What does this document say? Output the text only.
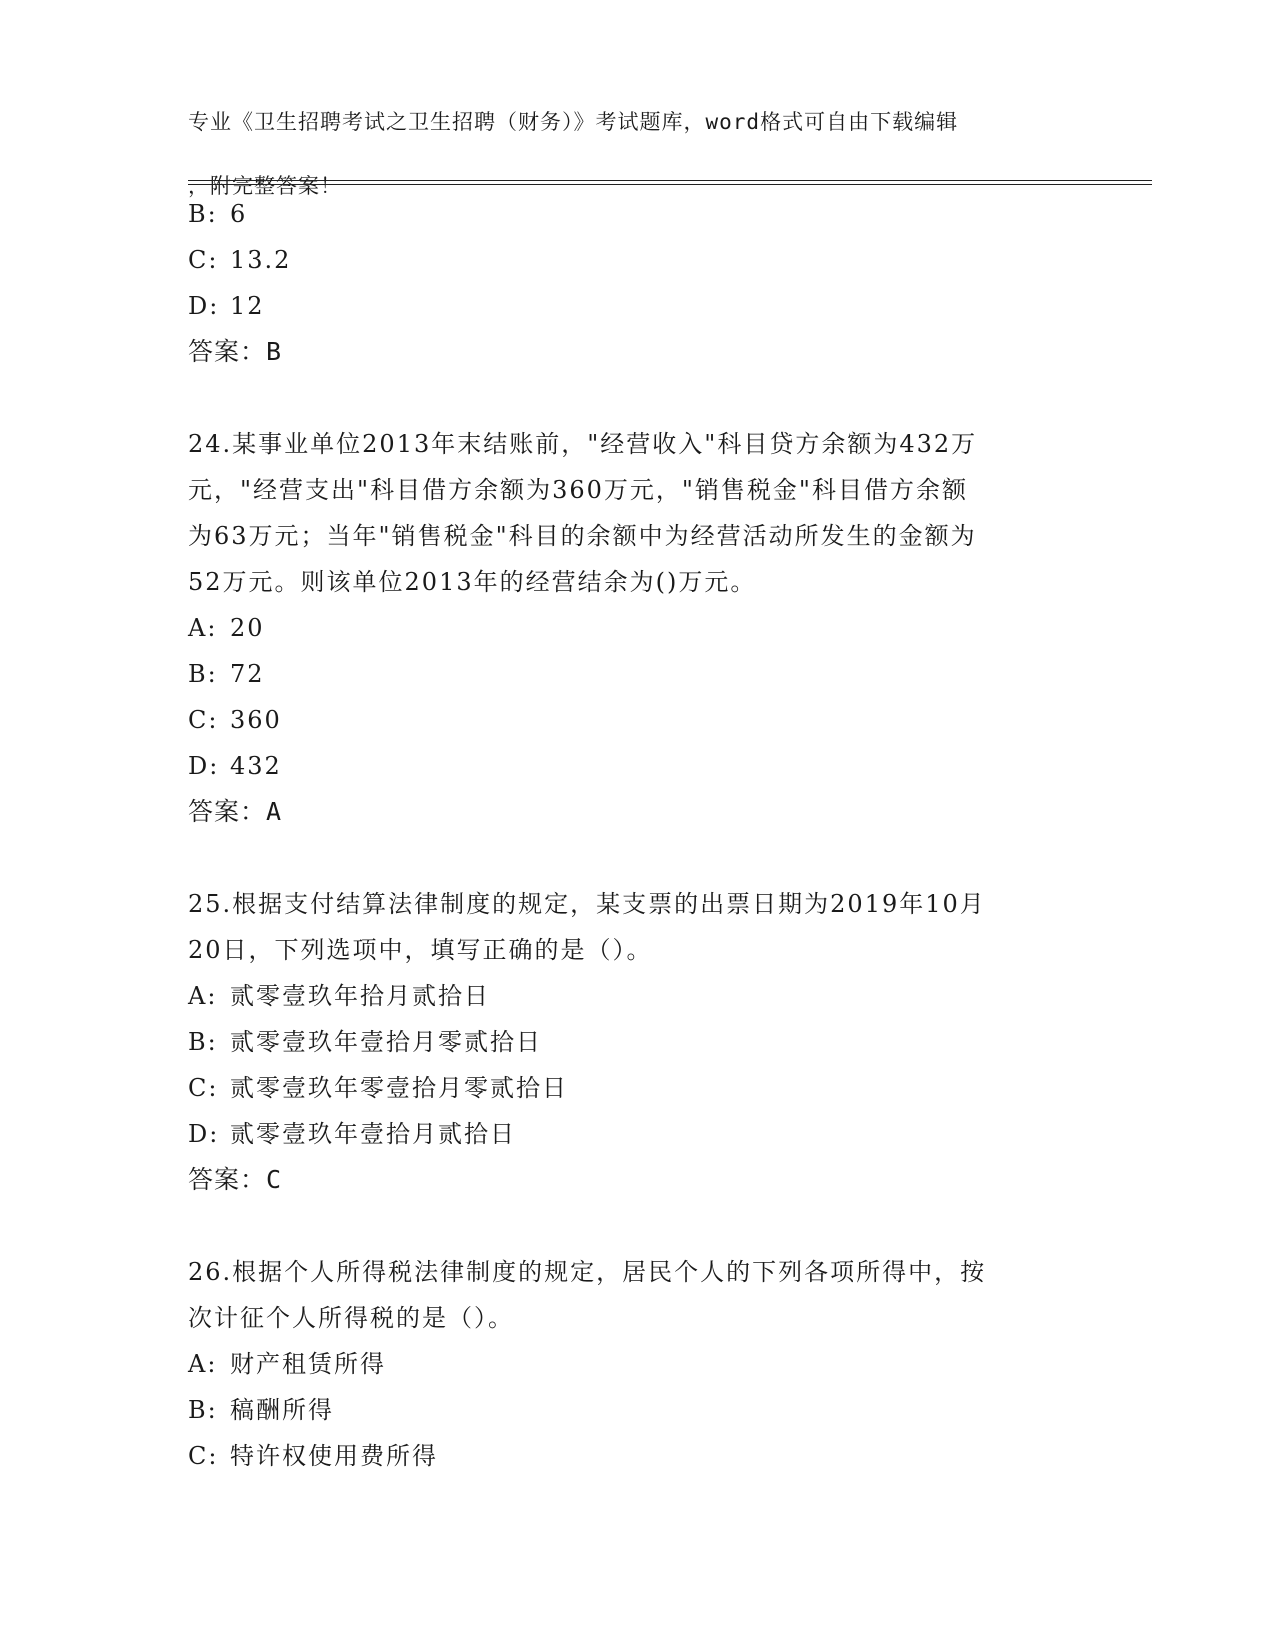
专业《卫生招聘考试之卫生招聘（财务）》考试题库，word格式可自由下载编辑

，附完整答案！

B: 6
C: 13.2
D: 12
答案：B
24.某事业单位2013年末结账前，"经营收入"科目贷方余额为432万
元，"经营支出"科目借方余额为360万元，"销售税金"科目借方余额
为63万元；当年"销售税金"科目的余额中为经营活动所发生的金额为
52万元。则该单位2013年的经营结余为()万元。
A: 20
B: 72
C: 360
D: 432
答案：A
25.根据支付结算法律制度的规定，某支票的出票日期为2019年10月
20日，下列选项中，填写正确的是（）。
A: 贰零壹玖年拾月贰拾日
B: 贰零壹玖年壹拾月零贰拾日
C: 贰零壹玖年零壹拾月零贰拾日
D: 贰零壹玖年壹拾月贰拾日
答案：C
26.根据个人所得税法律制度的规定，居民个人的下列各项所得中，按
次计征个人所得税的是（）。
A: 财产租赁所得
B: 稿酬所得
C: 特许权使用费所得
